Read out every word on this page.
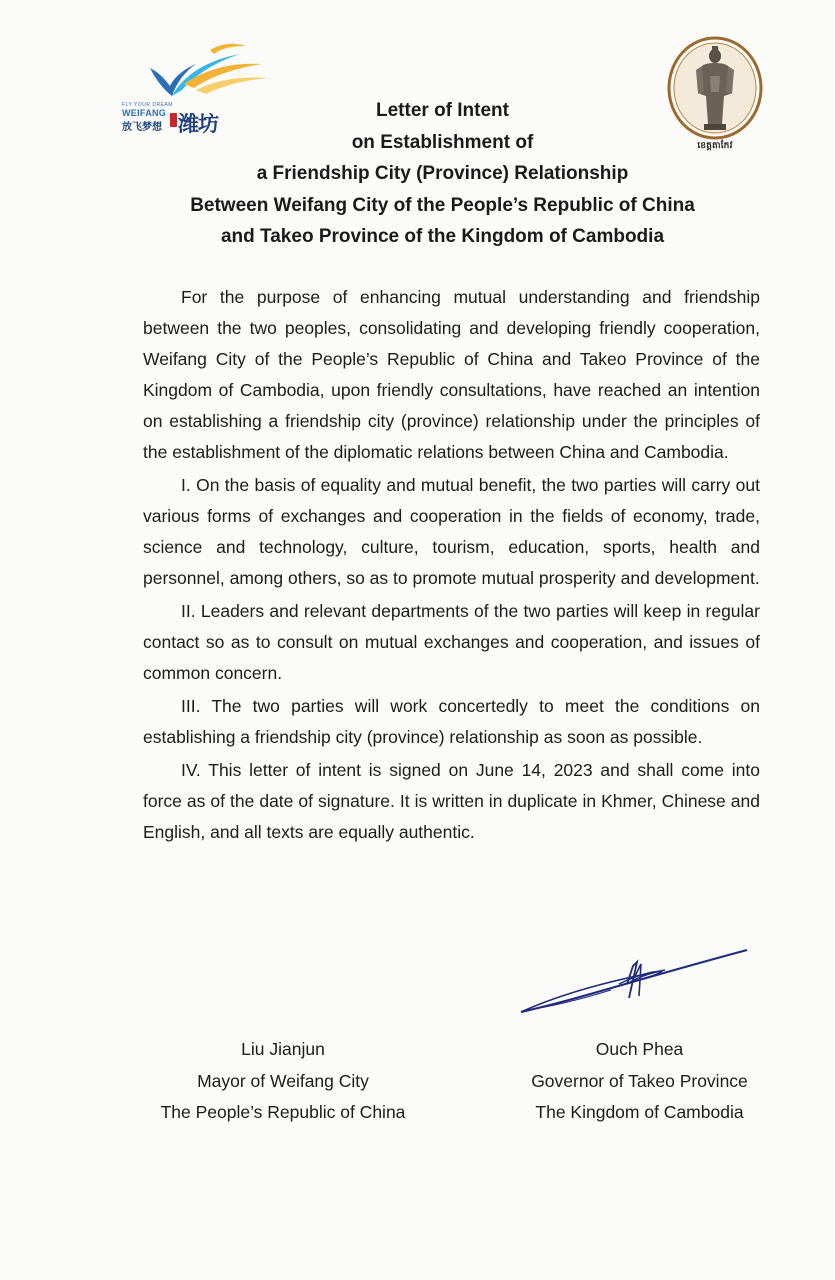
FLY YOUR DREAM
WEIFANG
放飞梦想 潍坊
ខេត្តតាកែវ
Letter of Intent
on Establishment of
a Friendship City (Province) Relationship
Between Weifang City of the People’s Republic of China
and Takeo Province of the Kingdom of Cambodia

For the purpose of enhancing mutual understanding and friendship between the two peoples, consolidating and developing friendly cooperation, Weifang City of the People’s Republic of China and Takeo Province of the Kingdom of Cambodia, upon friendly consultations, have reached an intention on establishing a friendship city (province) relationship under the principles of the establishment of the diplomatic relations between China and Cambodia.

I. On the basis of equality and mutual benefit, the two parties will carry out various forms of exchanges and cooperation in the fields of economy, trade, science and technology, culture, tourism, education, sports, health and personnel, among others, so as to promote mutual prosperity and development.

II. Leaders and relevant departments of the two parties will keep in regular contact so as to consult on mutual exchanges and cooperation, and issues of common concern.

III. The two parties will work concertedly to meet the conditions on establishing a friendship city (province) relationship as soon as possible.

IV. This letter of intent is signed on June 14, 2023 and shall come into force as of the date of signature. It is written in duplicate in Khmer, Chinese and English, and all texts are equally authentic.

Liu Jianjun
Mayor of Weifang City
The People’s Republic of China
Ouch Phea
Governor of Takeo Province
The Kingdom of Cambodia
